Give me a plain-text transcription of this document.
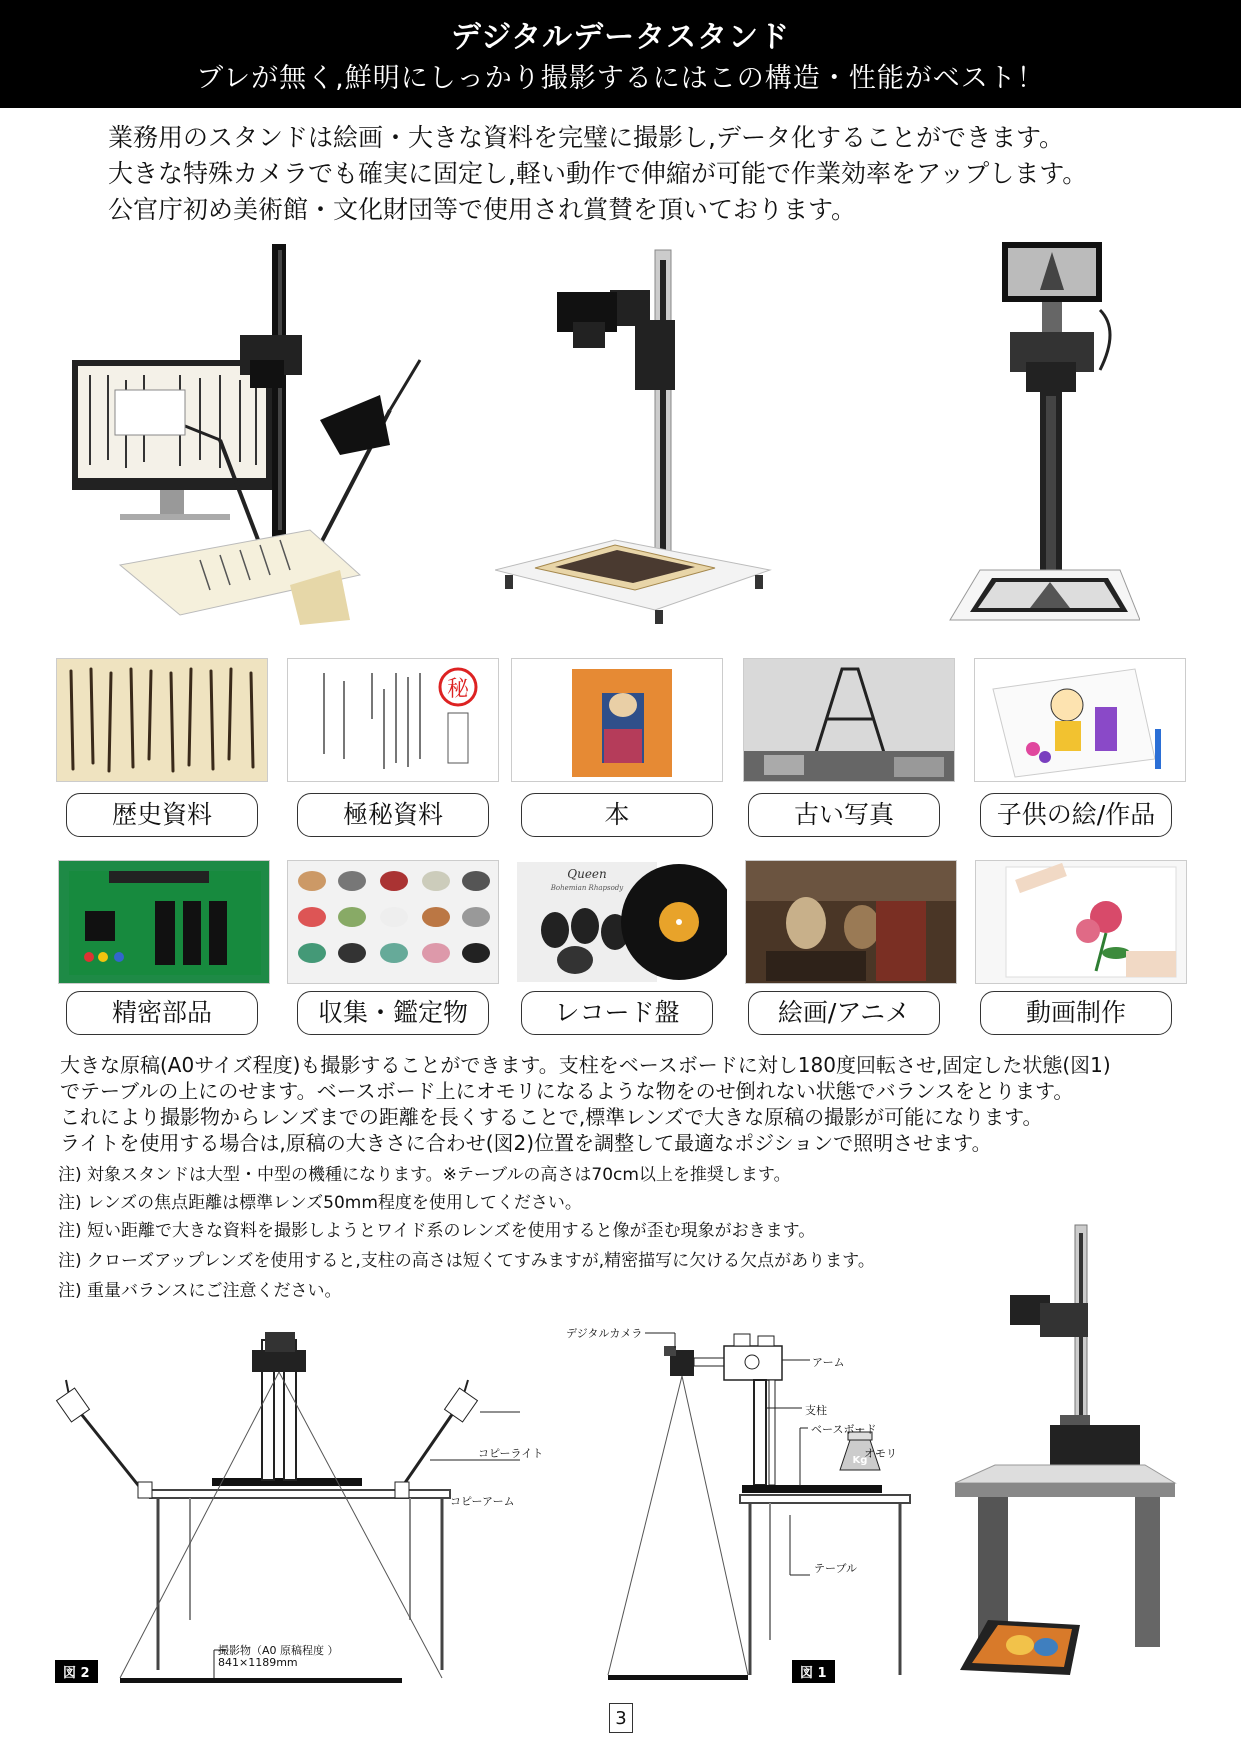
デジタルデータスタンド
ブレが無く,鮮明にしっかり撮影するにはこの構造・性能がベスト！
業務用のスタンドは絵画・大きな資料を完璧に撮影し,データ化することができます。
大きな特殊カメラでも確実に固定し,軽い動作で伸縮が可能で作業効率をアップします。
公官庁初め美術館・文化財団等で使用され賞賛を頂いております。
秘
歴史資料	極秘資料	本	古い写真	子供の絵/作品
Queen
Bohemian Rhapsody
精密部品	収集・鑑定物	レコード盤	絵画/アニメ	動画制作
大きな原稿(A0サイズ程度)も撮影することができます。支柱をベースボードに対し180度回転させ,固定した状態(図1)
でテーブルの上にのせます。ベースボード上にオモリになるような物をのせ倒れない状態でバランスをとります。
これにより撮影物からレンズまでの距離を長くすることで,標準レンズで大きな原稿の撮影が可能になります。
ライトを使用する場合は,原稿の大きさに合わせ(図2)位置を調整して最適なポジションで照明させます。
注) 対象スタンドは大型・中型の機種になります。※テーブルの高さは70cm以上を推奨します。
注) レンズの焦点距離は標準レンズ50mm程度を使用してください。
注) 短い距離で大きな資料を撮影しようとワイド系のレンズを使用すると像が歪む現象がおきます。
注) クローズアップレンズを使用すると,支柱の高さは短くてすみますが,精密描写に欠ける欠点があります。
注) 重量バランスにご注意ください。
コピーライト
コピーアーム
撮影物（A0 原稿程度 ）
841×1189mm
図 2
Kg
デジタルカメラ
アーム
支柱
ベースボード
オモリ
テーブル
図 1
3
